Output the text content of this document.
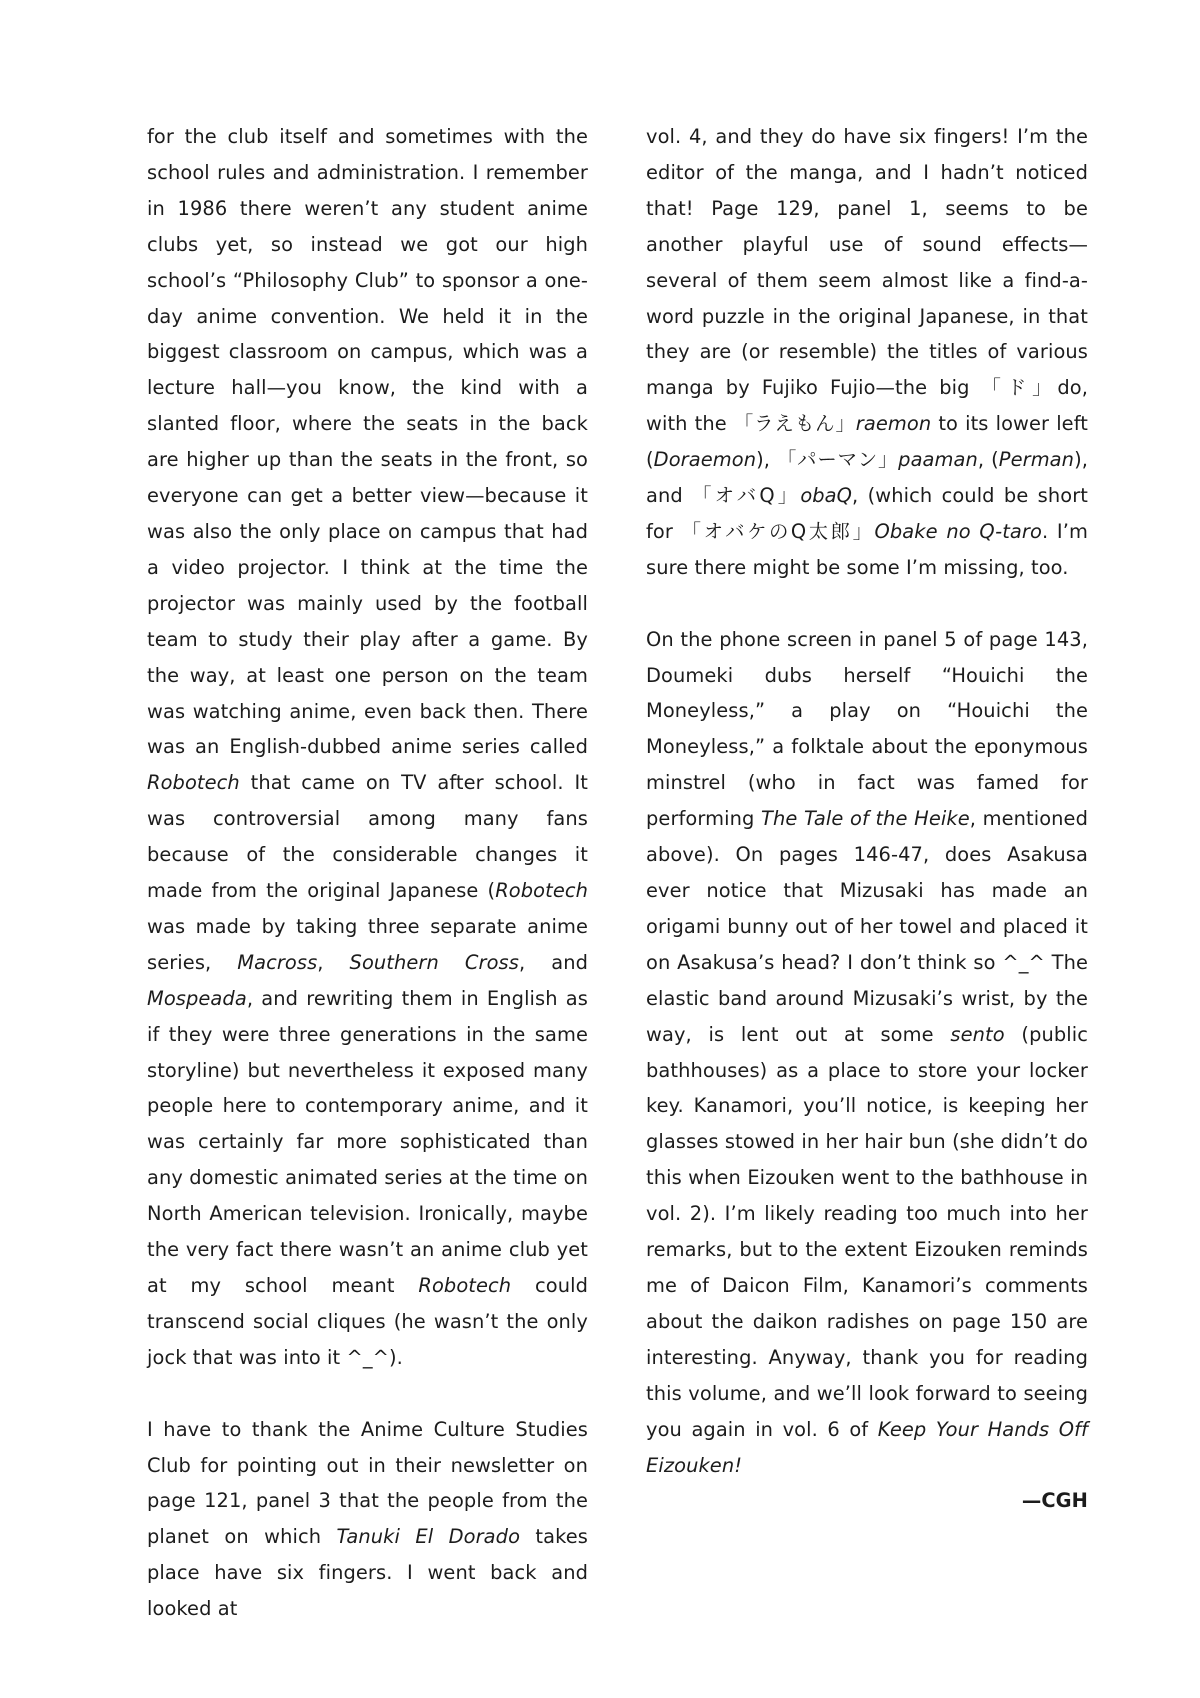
for the club itself and sometimes with the school rules and administration. I remember in 1986 there weren’t any student anime clubs yet, so instead we got our high school’s “Philosophy Club” to sponsor a one-day anime convention. We held it in the biggest classroom on campus, which was a lecture hall—you know, the kind with a slanted floor, where the seats in the back are higher up than the seats in the front, so everyone can get a better view—because it was also the only place on campus that had a video projector. I think at the time the projector was mainly used by the football team to study their play after a game. By the way, at least one person on the team was watching anime, even back then. There was an English-dubbed anime series called Robotech that came on TV after school. It was controversial among many fans because of the considerable changes it made from the original Japanese (Robotech was made by taking three separate anime series, Macross, Southern Cross, and Mospeada, and rewriting them in English as if they were three generations in the same storyline) but nevertheless it exposed many people here to contemporary anime, and it was certainly far more sophisticated than any domestic animated series at the time on North American television. Ironically, maybe the very fact there wasn’t an anime club yet at my school meant Robotech could transcend social cliques (he wasn’t the only jock that was into it ^_^).

I have to thank the Anime Culture Studies Club for pointing out in their newsletter on page 121, panel 3 that the people from the planet on which Tanuki El Dorado takes place have six fingers. I went back and looked at

vol. 4, and they do have six fingers! I’m the editor of the manga, and I hadn’t noticed that! Page 129, panel 1, seems to be another playful use of sound effects—several of them seem almost like a find-a-word puzzle in the original Japanese, in that they are (or resemble) the titles of various manga by Fujiko Fujio—the big 「ド」do, with the 「ラえもん」raemon to its lower left (Doraemon), 「パーマン」paaman, (Perman), and 「オバQ」obaQ, (which could be short for 「オバケのQ太郎」Obake no Q-taro. I’m sure there might be some I’m missing, too.

On the phone screen in panel 5 of page 143, Doumeki dubs herself “Houichi the Moneyless,” a play on “Houichi the Moneyless,” a folktale about the eponymous minstrel (who in fact was famed for performing The Tale of the Heike, mentioned above). On pages 146-47, does Asakusa ever notice that Mizusaki has made an origami bunny out of her towel and placed it on Asakusa’s head? I don’t think so ^_^ The elastic band around Mizusaki’s wrist, by the way, is lent out at some sento (public bathhouses) as a place to store your locker key. Kanamori, you’ll notice, is keeping her glasses stowed in her hair bun (she didn’t do this when Eizouken went to the bathhouse in vol. 2). I’m likely reading too much into her remarks, but to the extent Eizouken reminds me of Daicon Film, Kanamori’s comments about the daikon radishes on page 150 are interesting. Anyway, thank you for reading this volume, and we’ll look forward to seeing you again in vol. 6 of Keep Your Hands Off Eizouken!

—CGH
